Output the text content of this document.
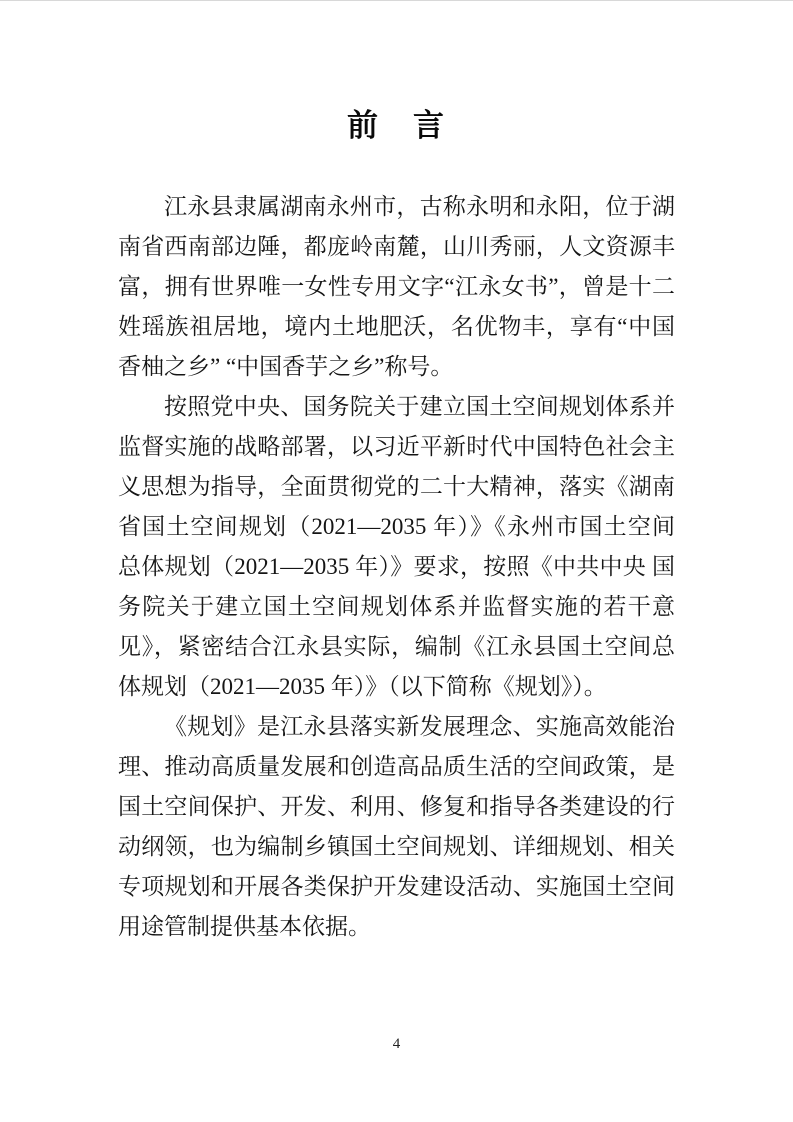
前　言

江永县隶属湖南永州市，古称永明和永阳，位于湖南省西南部边陲，都庞岭南麓，山川秀丽，人文资源丰富，拥有世界唯一女性专用文字“江永女书”，曾是十二姓瑶族祖居地，境内土地肥沃，名优物丰，享有“中国香柚之乡” “中国香芋之乡”称号。

按照党中央、国务院关于建立国土空间规划体系并监督实施的战略部署，以习近平新时代中国特色社会主义思想为指导，全面贯彻党的二十大精神，落实《湖南省国土空间规划（2021—2035 年）》《永州市国土空间总体规划（2021—2035 年）》要求，按照《中共中央 国务院关于建立国土空间规划体系并监督实施的若干意见》，紧密结合江永县实际，编制《江永县国土空间总体规划（2021—2035 年）》（以下简称《规划》）。

《规划》是江永县落实新发展理念、实施高效能治理、推动高质量发展和创造高品质生活的空间政策，是国土空间保护、开发、利用、修复和指导各类建设的行动纲领，也为编制乡镇国土空间规划、详细规划、相关专项规划和开展各类保护开发建设活动、实施国土空间用途管制提供基本依据。

4
